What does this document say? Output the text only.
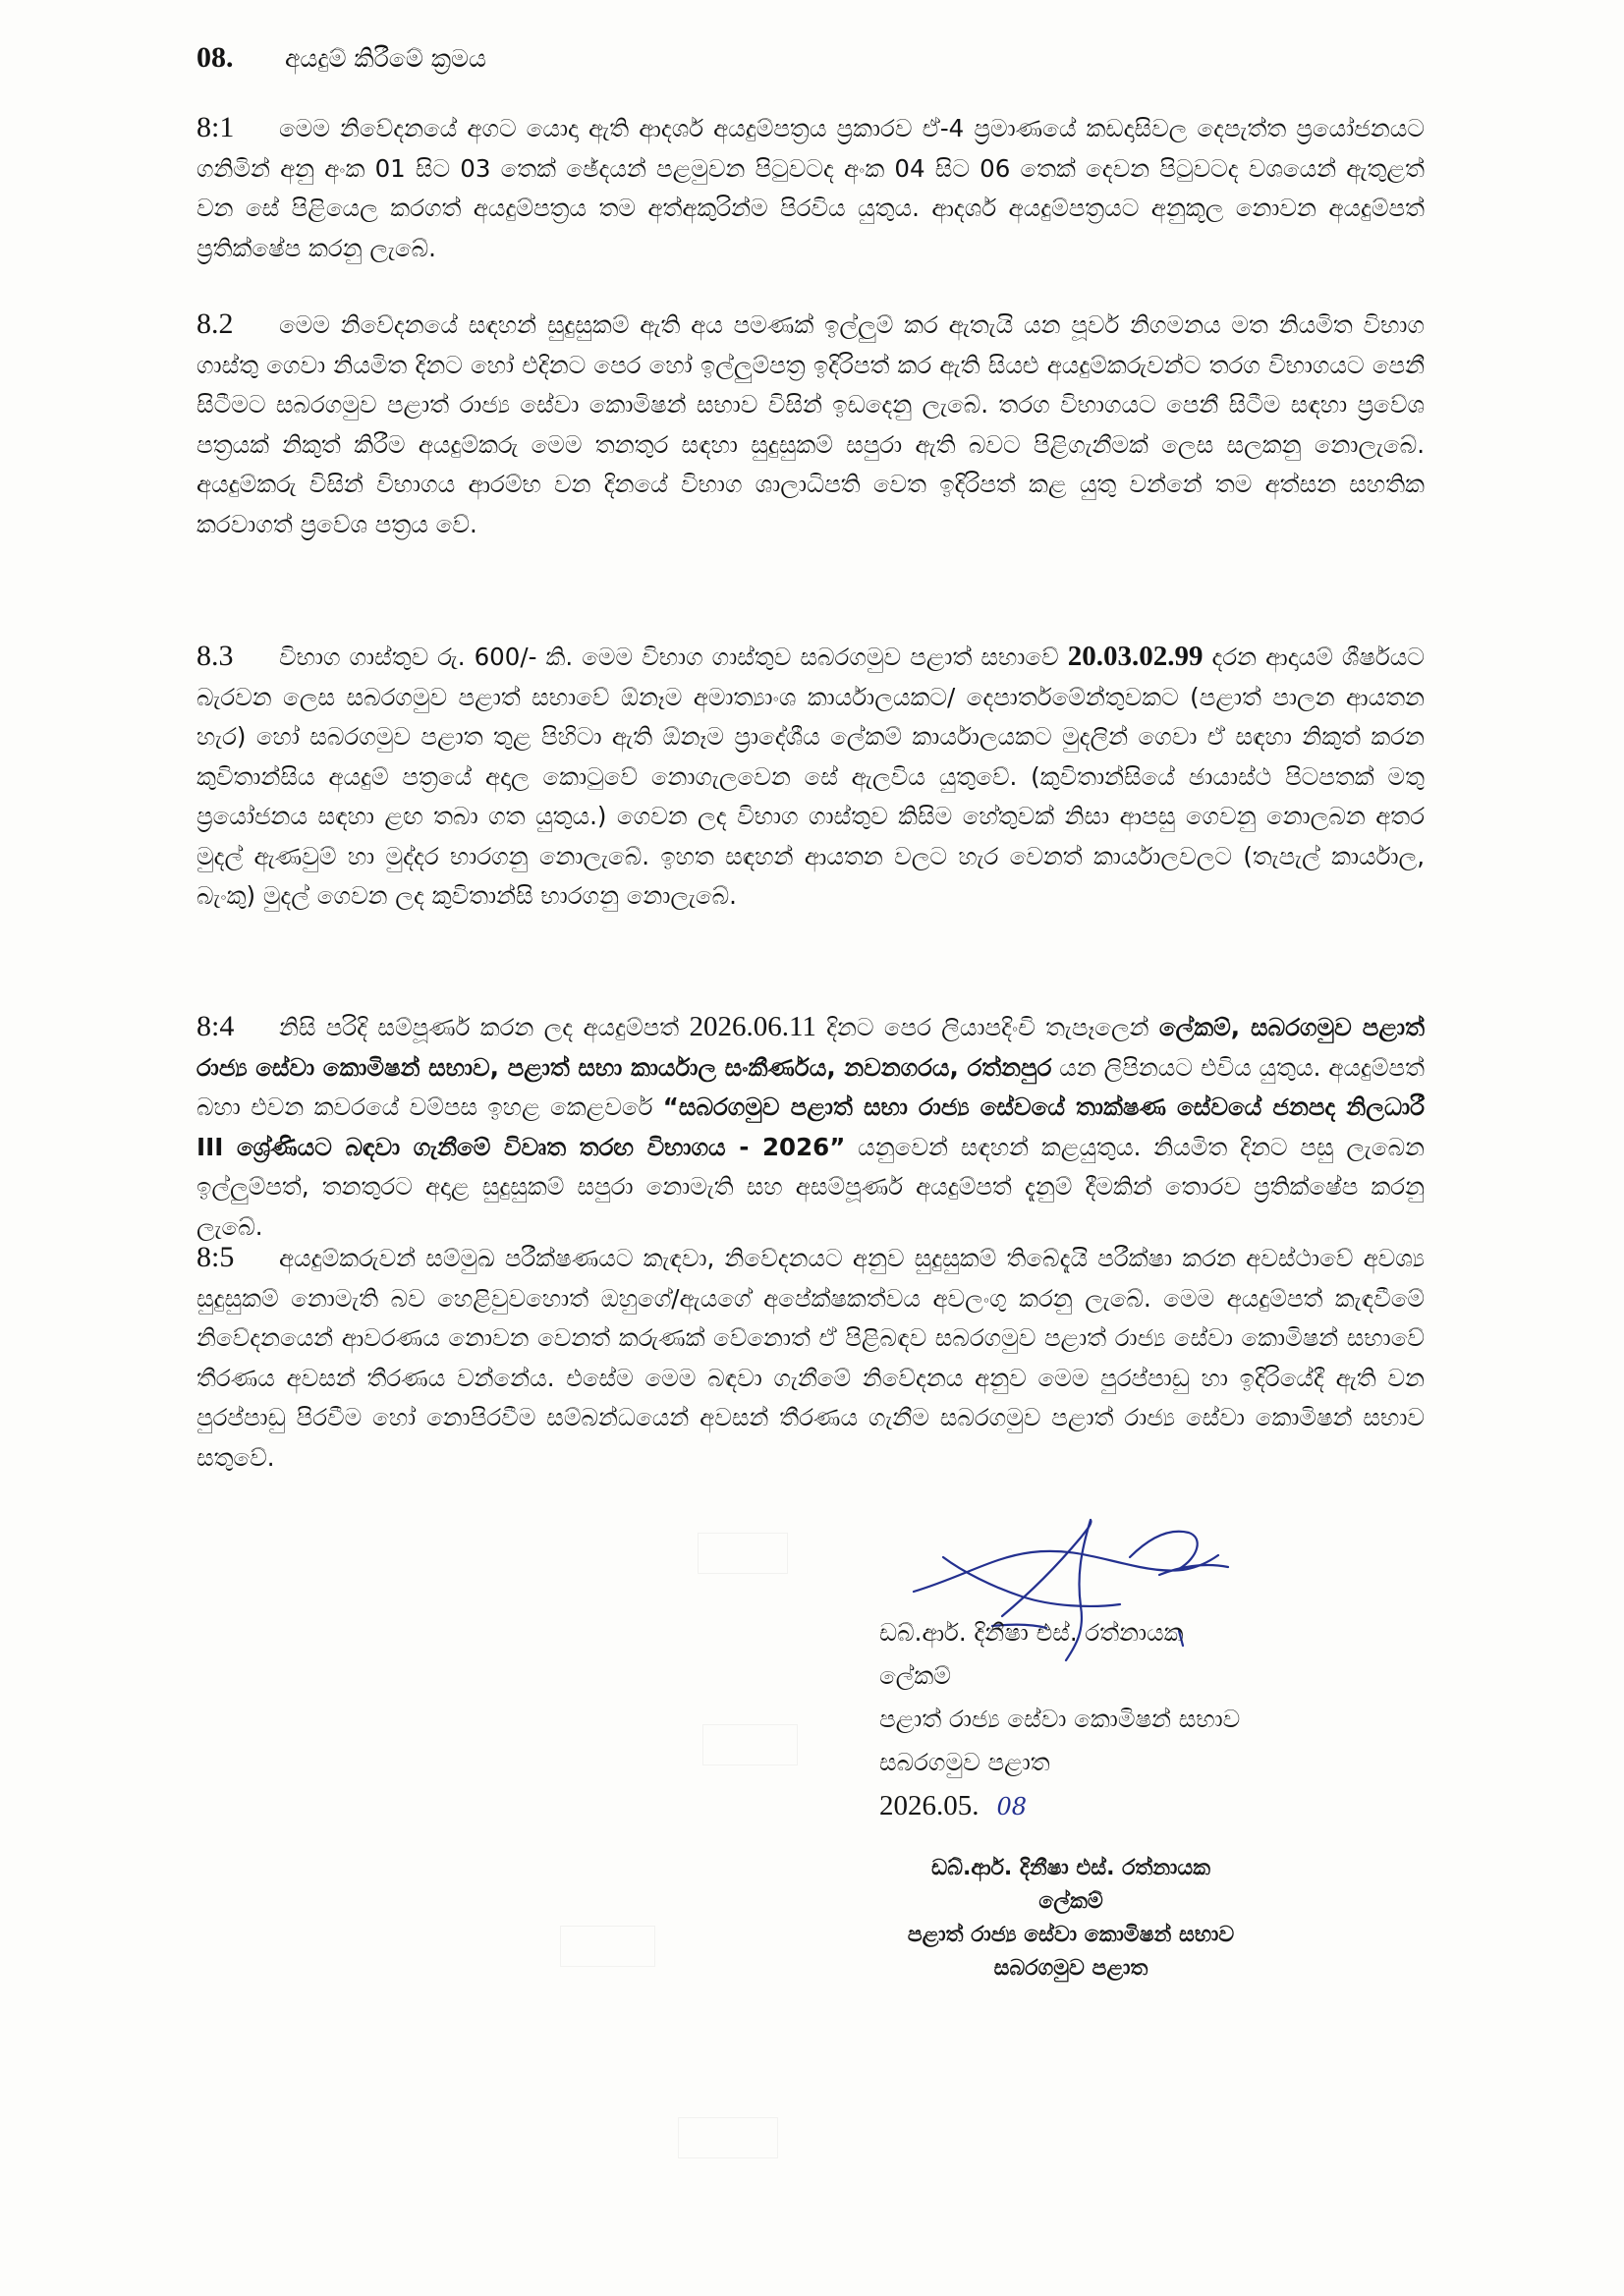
08.	අයදුම් කිරීමේ ක්‍රමය
8:1 මෙම නිවේදනයේ අගට යොදා ඇති ආදර්ශ අයදුම්පත්‍රය ප්‍රකාරව ඒ-4 ප්‍රමාණයේ කඩදාසිවල දෙපැත්ත ප්‍රයෝජනයට ගනිමින් අනු අංක 01 සිට 03 තෙක් ඡේදයන් පළමුවන පිටුවටද අංක 04 සිට 06 තෙක් දෙවන පිටුවටද වශයෙන් ඇතුළත් වන සේ පිළියෙල කරගත් අයදුම්පත්‍රය තම අත්අකුරින්ම පිරවිය යුතුය. ආදර්ශ අයදුම්පත්‍රයට අනුකූල නොවන අයදුම්පත් ප්‍රතික්ෂේප කරනු ලැබේ.
8.2 මෙම නිවේදනයේ සඳහන් සුදුසුකම් ඇති අය පමණක් ඉල්ලුම් කර ඇතැයි යන පූර්ව නිගමනය මත නියමිත විභාග ගාස්තු ගෙවා නියමිත දිනට හෝ එදිනට පෙර හෝ ඉල්ලුම්පත්‍ර ඉදිරිපත් කර ඇති සියළු අයදුම්කරුවන්ට තරග විභාගයට පෙනී සිටීමට සබරගමුව පළාත් රාජ්‍ය සේවා කොමිෂන් සභාව විසින් ඉඩදෙනු ලැබේ. තරග විභාගයට පෙනී සිටීම සඳහා ප්‍රවේශ පත්‍රයක් නිකුත් කිරීම අයදුම්කරු මෙම තනතුර සඳහා සුදුසුකම් සපුරා ඇති බවට පිළිගැනීමක් ලෙස සලකනු නොලැබේ. අයදුම්කරු විසින් විභාගය ආරම්භ වන දිනයේ විභාග ශාලාධිපති වෙත ඉදිරිපත් කළ යුතු වන්නේ තම අත්සන සහතික කරවාගත් ප්‍රවේශ පත්‍රය වේ.
8.3 විභාග ගාස්තුව රු. 600/- කි. මෙම විභාග ගාස්තුව සබරගමුව පළාත් සභාවේ 20.03.02.99 දරන ආදායම් ශීර්ෂයට බැරවන ලෙස සබරගමුව පළාත් සභාවේ ඕනෑම අමාත්‍යාංශ කාර්යාලයකට/ දෙපාර්තමේන්තුවකට (පළාත් පාලන ආයතන හැර) හෝ සබරගමුව පළාත තුළ පිහිටා ඇති ඕනෑම ප්‍රාදේශීය ලේකම් කාර්යාලයකට මුදලින් ගෙවා ඒ සඳහා නිකුත් කරන කුවිතාන්සිය අයදුම් පත්‍රයේ අදාල කොටුවේ නොගැලවෙන සේ ඇලවිය යුතුවේ. (කුවිතාන්සියේ ඡායාස්ථ පිටපතක් මතු ප්‍රයෝජනය සඳහා ළඟ තබා ගත යුතුය.) ගෙවන ලද විභාග ගාස්තුව කිසිම හේතුවක් නිසා ආපසු ගෙවනු නොලබන අතර මුදල් ඇණවුම් හා මුද්දර භාරගනු නොලැබේ. ඉහත සඳහන් ආයතන වලට හැර වෙනත් කාර්යාලවලට (තැපැල් කාර්යාල, බැංකු) මුදල් ගෙවන ලද කුවිතාන්සි භාරගනු නොලැබේ.
8:4 නිසි පරිදි සම්පූර්ණ කරන ලද අයදුම්පත් 2026.06.11 දිනට පෙර ලියාපදිංචි තැපෑලෙන් ලේකම්, සබරගමුව පළාත් රාජ්‍ය සේවා කොමිෂන් සභාව, පළාත් සභා කාර්යාල සංකීර්ණය, නවනගරය, රත්නපුර යන ලිපිනයට එවිය යුතුය. අයදුම්පත් බහා එවන කවරයේ වම්පස ඉහළ කෙළවරේ “සබරගමුව පළාත් සභා රාජ්‍ය සේවයේ තාක්ෂණ සේවයේ ජනපද නිලධාරී III ශ්‍රේණියට බඳවා ගැනීමේ විවෘත තරඟ විභාගය - 2026” යනුවෙන් සඳහන් කළයුතුය. නියමිත දිනට පසු ලැබෙන ඉල්ලුම්පත්, තනතුරට අදාළ සුදුසුකම් සපුරා නොමැති සහ අසම්පූර්ණ අයදුම්පත් දැනුම් දීමකින් තොරව ප්‍රතික්ෂේප කරනු ලැබේ.
8:5 අයදුම්කරුවන් සම්මුඛ පරීක්ෂණයට කැඳවා, නිවේදනයට අනුව සුදුසුකම් තිබේදැයි පරීක්ෂා කරන අවස්ථාවේ අවශ්‍ය සුදුසුකම් නොමැති බව හෙළිවුවහොත් ඔහුගේ/ඇයගේ අපේක්ෂකත්වය අවලංගු කරනු ලැබේ. මෙම අයදුම්පත් කැඳවීමේ නිවේදනයෙන් ආවරණය නොවන වෙනත් කරුණක් වේනොත් ඒ පිළිබඳව සබරගමුව පළාත් රාජ්‍ය සේවා කොමිෂන් සභාවේ තීරණය අවසන් තීරණය වන්නේය. එසේම මෙම බඳවා ගැනීමේ නිවේදනය අනුව මෙම පුරප්පාඩු හා ඉදිරියේදී ඇති වන පුරප්පාඩු පිරවීම හෝ නොපිරවීම සම්බන්ධයෙන් අවසන් තීරණය ගැනීම සබරගමුව පළාත් රාජ්‍ය සේවා කොමිෂන් සභාව සතුවේ.
ඩබ්.ආර්. දිනීෂා එස්. රත්නායක
ලේකම්
පළාත් රාජ්‍ය සේවා කොමිෂන් සභාව
සබරගමුව පළාත
2026.05. 08
ඩබ්.ආර්. දිනීෂා එස්. රත්නායක
ලේකම්
පළාත් රාජ්‍ය සේවා කොමිෂන් සභාව
සබරගමුව පළාත
